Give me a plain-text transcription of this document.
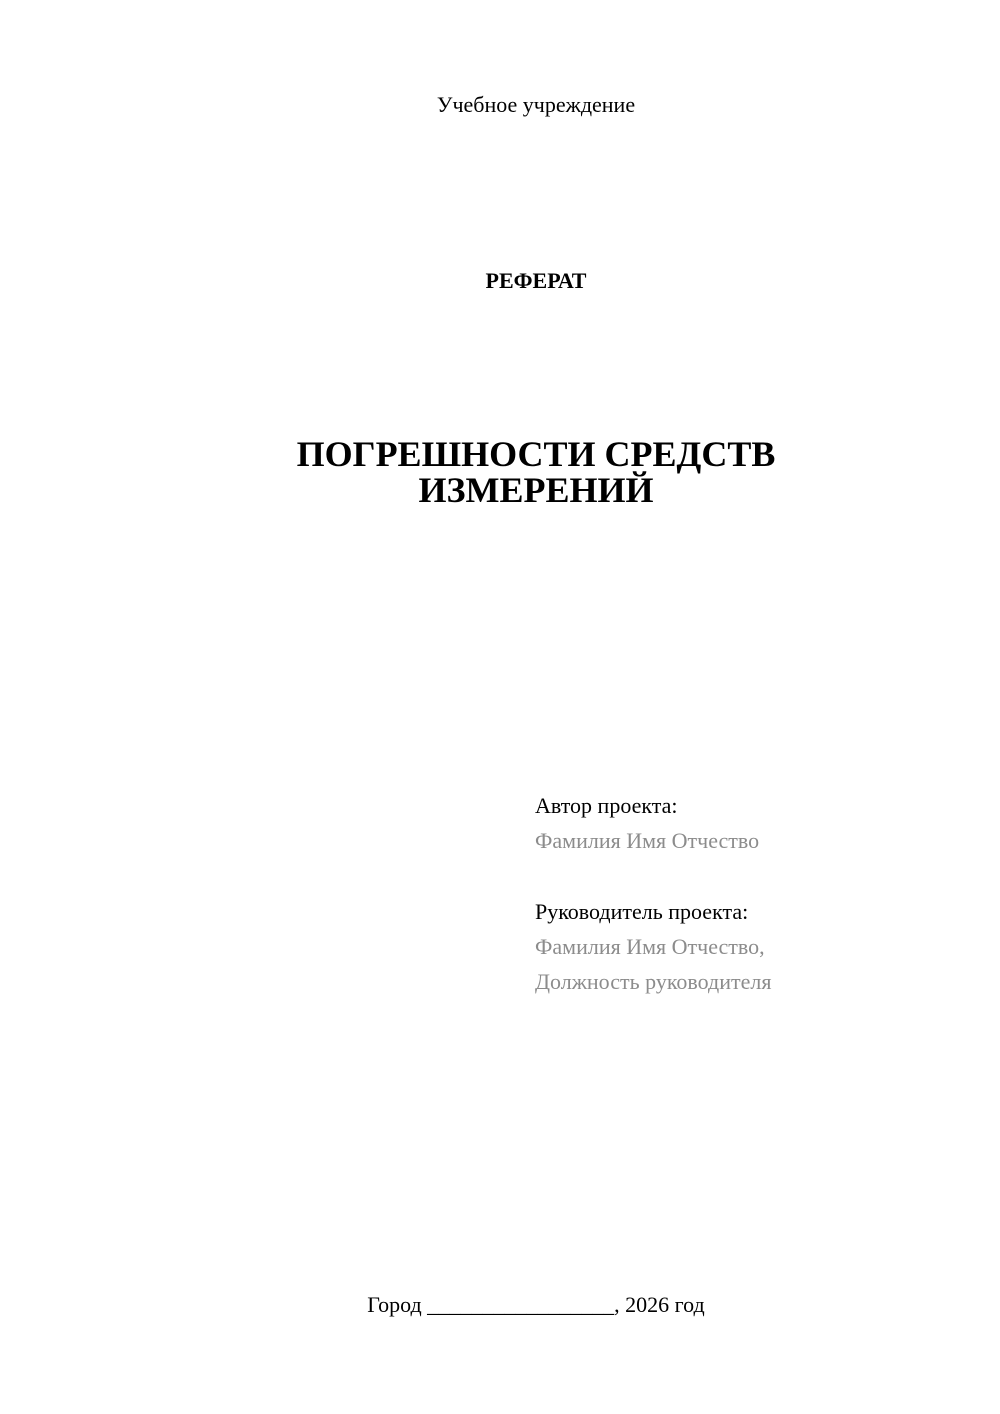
Учебное учреждение
РЕФЕРАТ
ПОГРЕШНОСТИ СРЕДСТВ
ИЗМЕРЕНИЙ
Автор проекта:
Фамилия Имя Отчество
Руководитель проекта:
Фамилия Имя Отчество,
Должность руководителя
Город _________________, 2026 год
